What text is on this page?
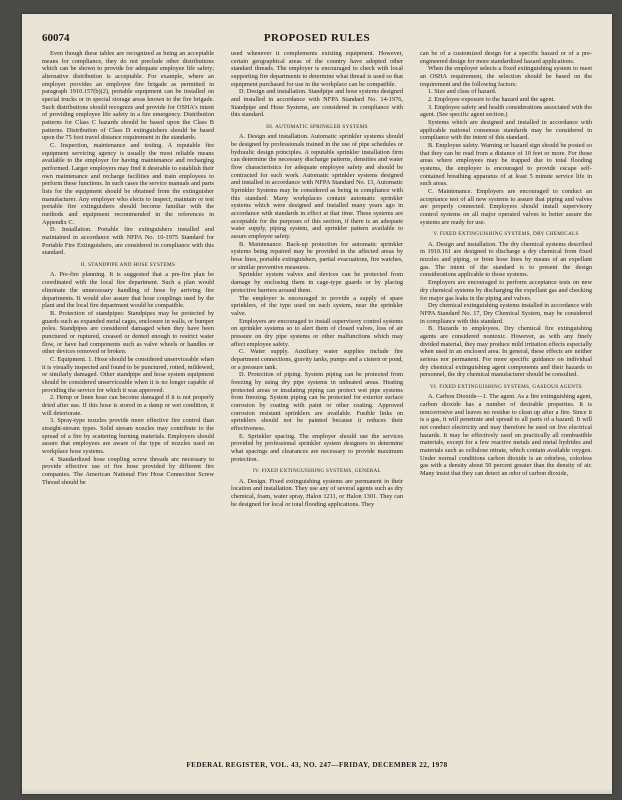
60074	PROPOSED RULES

Even though these tables are recognized as being an acceptable means for compliance, they do not preclude other distributions which can be shown to provide for adequate employee life safety; alternative distribution is acceptable. For example, where an employer provides an employee fire brigade as permitted in paragraph 1910.157(b)(2), portable equipment can be installed on special trucks or in special storage areas known to the fire brigade. Such distributions should recognize and provide for OSHA's intent of providing employee life safety in a fire emergency. Distribution patterns for Class C hazards should be based upon the Class B patterns. Distribution of Class D extinguishers should be based upon the 75 foot travel distance requirement in the standards.

C. Inspection, maintenance and testing. A reputable fire equipment servicing agency is usually the most reliable means available to the employer for having maintenance and recharging performed. Larger employers may find it desirable to establish their own maintenance and recharge facilities and train employees to perform these functions. In such cases the service manuals and parts lists for the equipment should be obtained from the extinguisher manufacturer. Any employer who elects to inspect, maintain or test portable fire extinguishers should become familiar with the methods and equipment recommended in the references in Appendix C.

D. Installation. Portable fire extinguishers installed and maintained in accordance with NFPA No. 10-1975 Standard for Portable Fire Extinguishers, are considered in compliance with this standard.

II. STANDPIPE AND HOSE SYSTEMS

A. Pre-fire planning. It is suggested that a pre-fire plan be coordinated with the local fire department. Such a plan would eliminate the unnecessary handling of hose by arriving fire departments. It would also assure that hose couplings used by the plant and the local fire department would be compatible.

B. Protection of standpipes: Standpipes may be protected by guards such as expanded metal cages, enclosure in walls, or bumper poles. Standpipes are considered damaged when they have been punctured or ruptured, creased or dented enough to restrict water flow, or have had components such as valve wheels or handles or other devices removed or broken.

C. Equipment. 1. Hose should be considered unserviceable when it is visually inspected and found to be punctured, rotted, mildewed, or similarly damaged. Other standpipe and hose system equipment should be considered unserviceable when it is no longer capable of providing the service for which it was approved.

2. Hemp or linen hose can become damaged if it is not properly dried after use. If this hose is stored in a damp or wet condition, it will deteriorate.

3. Spray-type nozzles provide more effective fire control than straight-stream types. Solid stream nozzles may contribute to the spread of a fire by scattering burning materials. Employers should assure that employees are aware of the type of nozzles used on workplace hose systems.

4. Standardized hose coupling screw threads are necessary to provide effective use of fire hose provided by different fire companies. The American National Fire Hose Connection Screw Thread should be

used whenever it complements existing equipment. However, certain geographical areas of the country have adopted other standard threads. The employer is encouraged to check with local supporting fire departments to determine what thread is used so that equipment purchased for use in the workplace can be compatible.

D. Design and installation. Standpipe and hose systems designed and installed in accordance with NFPA Standard No. 14-1976, Standpipe and Hose Systems, are considered in compliance with this standard.

III. AUTOMATIC SPRINKLER SYSTEMS

A. Design and installation. Automatic sprinkler systems should be designed by professionals trained in the use of pipe schedules or hydraulic design principles. A reputable sprinkler installation firm can determine the necessary discharge patterns, densities and water flow characteristics for adequate employee safety and should be contracted for such work. Automatic sprinkler systems designed and installed in accordance with NFPA Standard No. 13, Automatic Sprinkler Systems may be considered as being in compliance with this standard. Many workplaces contain automatic sprinkler systems which were designed and installed many years ago in accordance with standards in effect at that time. These systems are acceptable for the purposes of this section, if there is an adequate water supply, piping system, and sprinkler pattern available to assure employee safety.

B. Maintenance. Back-up protection for automatic sprinkler systems being repaired may be provided in the affected areas by hose lines, portable extinguishers, partial evacuations, fire watches, or similar preventive measures.

Sprinkler system valves and devices can be protected from damage by enclosing them in cage-type guards or by placing protective barriers around them.

The employer is encouraged to provide a supply of spare sprinklers, of the type used on each system, near the sprinkler valve.

Employers are encouraged to install supervisory control systems on sprinkler systems so to alert them of closed valves, loss of air pressure on dry pipe systems or other malfunctions which may affect employee safety.

C. Water supply. Auxiliary water supplies include fire department connections, gravity tanks, pumps and a cistern or pond, or a pressure tank.

D. Protection of piping. System piping can be protected from freezing by using dry pipe systems in unheated areas. Heating protected areas or insulating piping can protect wet pipe systems from freezing. System piping can be protected for exterior surface corrosion by coating with paint or other coating. Approved corrosion resistant sprinklers are available. Fusible links on sprinklers should not be painted because it reduces their effectiveness.

E. Sprinkler spacing. The employer should use the services provided by professional sprinkler system designers to determine what spacings and clearances are necessary to provide maximum protection.

IV. FIXED EXTINGUISHING SYSTEMS, GENERAL

A. Design. Fixed extinguishing systems are permanent in their location and installation. They use any of several agents such as dry chemical, foam, water spray, Halon 1211, or Halon 1301. They can be designed for local or total flooding applications. They

can be of a customized design for a specific hazard or of a pre-engineered design for more standardized hazard applications.

When the employer selects a fixed extinguishing system to meet an OSHA requirement, the selection should be based on the requirement and the following factors:

1. Size and class of hazard.

2. Employee exposure to the hazard and the agent.

3. Employee safety and health considerations associated with the agent. (See specific agent section.)

Systems which are designed and installed in accordance with applicable national consensus standards may be considered in compliance with the intent of this standard.

B. Employee safety. Warning or hazard sign should be posted so that they can be read from a distance of 10 feet or more. For those areas where employees may be trapped due to total flooding systems, the employer is encouraged to provide escape self-contained breathing apparatus of at least 5 minute service life in such areas.

C. Maintenance. Employers are encouraged to conduct an acceptance test of all new systems to assure that piping and valves are properly connected. Employers should install supervisory control systems on all major operated valves to better assure the systems are ready for use.

V. FIXED EXTINGUISHING SYSTEMS, DRY CHEMICALS

A. Design and installation. The dry chemical systems described in 1910.161 are designed to discharge a dry chemical from fixed nozzles and piping, or from hose lines by means of an expellant gas. The intent of the standard is to present the design considerations applicable to those systems.

Employers are encouraged to perform acceptance tests on new dry chemical systems by discharging the expellant gas and checking for major gas leaks in the piping and valves.

Dry chemical extinguishing systems installed in accordance with NFPA Standard No. 17, Dry Chemical System, may be considered in compliance with this standard.

B. Hazards to employees. Dry chemical fire extinguishing agents are considered nontoxic. However, as with any finely divided material, they may produce mild irritation effects especially when used in an enclosed area. In general, these effects are neither serious nor permanent. For more specific guidance on individual dry chemical extinguishing agent components and their hazards to personnel, the dry chemical manufacturer should be consulted.

VI. FIXED EXTINGUISHING SYSTEMS, GASEOUS AGENTS

A. Carbon Dioxide—1. The agent. As a fire extinguishing agent, carbon dioxide has a number of desirable properties. It is noncorrosive and leaves no residue to clean up after a fire. Since it is a gas, it will penetrate and spread to all parts of a hazard. It will not conduct electricity and may therefore be used on live electrical hazards. It may be effectively used on practically all combustible materials, except for a few reactive metals and metal hydrides and materials such as cellulose nitrate, which contain available oxygen. Under normal conditions carbon dioxide is an odorless, colorless gas with a density about 50 percent greater than the density of air. Many insist that they can detect an odor of carbon dioxide,

FEDERAL REGISTER, VOL. 43, NO. 247—FRIDAY, DECEMBER 22, 1978
